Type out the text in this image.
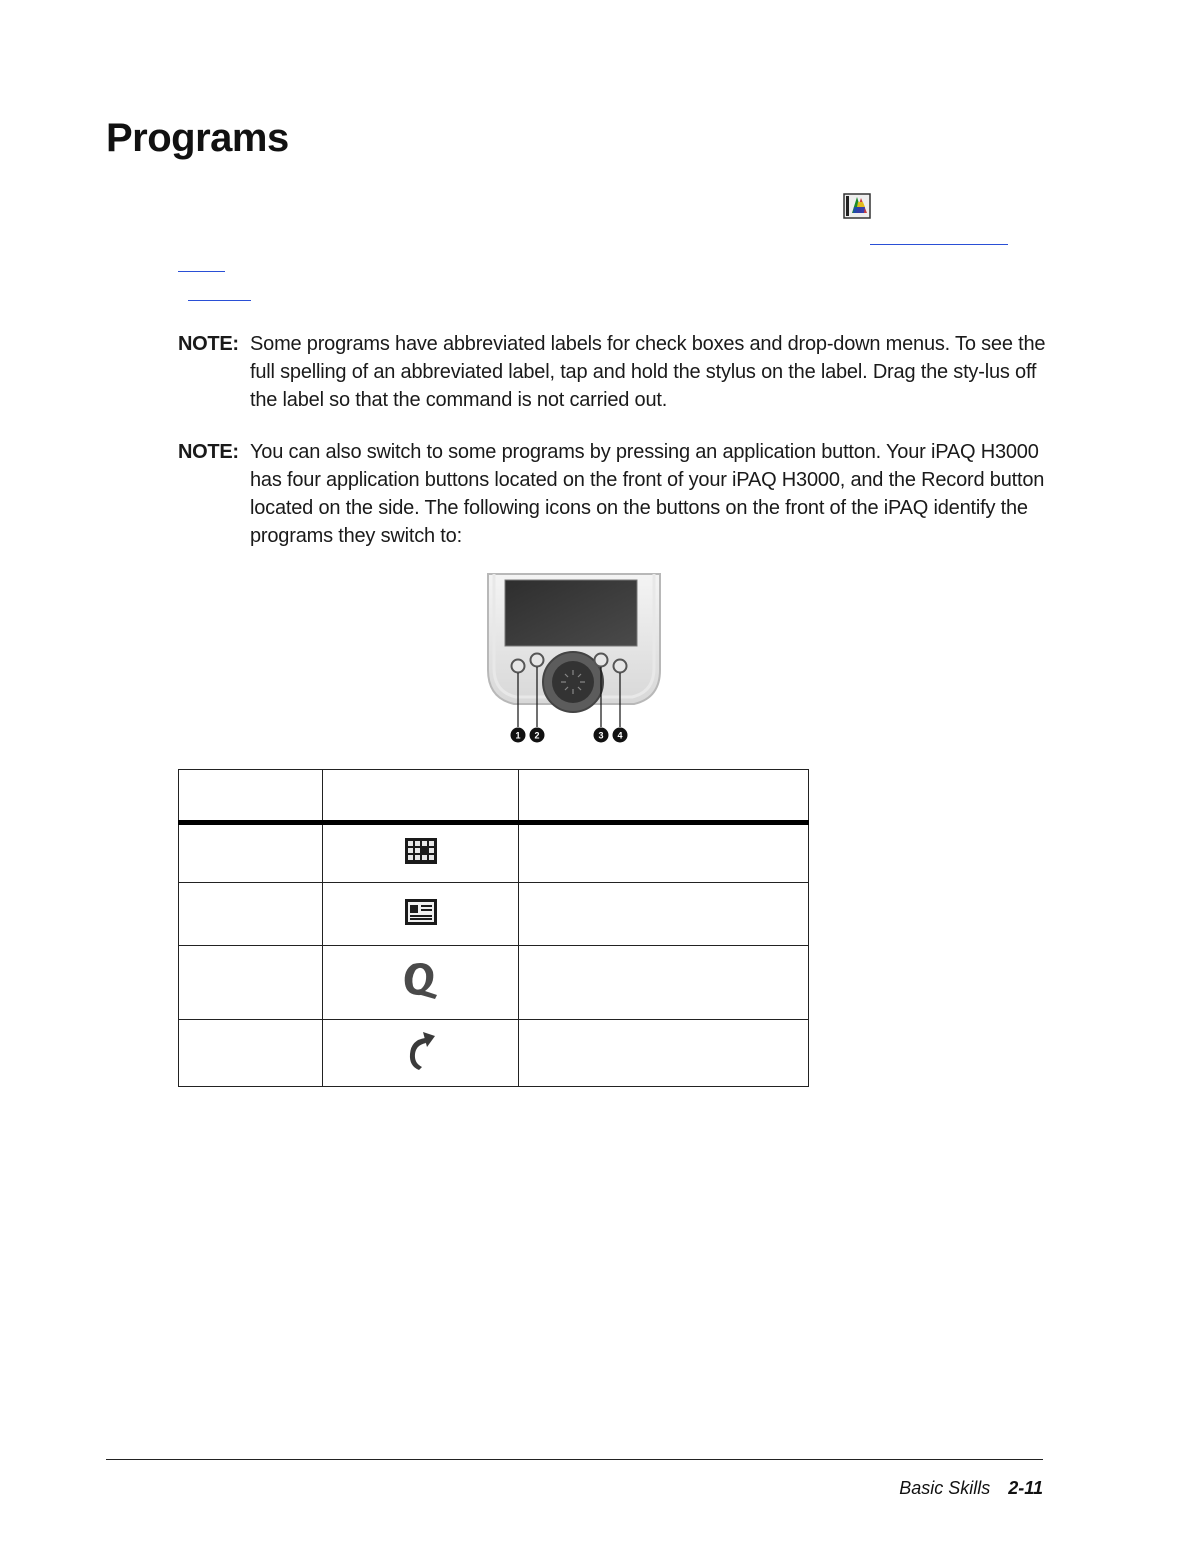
Programs
NOTE: Some programs have abbreviated labels for check boxes and drop-down menus. To see the full spelling of an abbreviated label, tap and hold the stylus on the label. Drag the sty-lus off the label so that the command is not carried out.
NOTE: You can also switch to some programs by pressing an application button. Your iPAQ H3000 has four application buttons located on the front of your iPAQ H3000, and the Record button located on the side. The following icons on the buttons on the front of the iPAQ identify the programs they switch to:
1 2	3 4

Basic Skills 2-11
